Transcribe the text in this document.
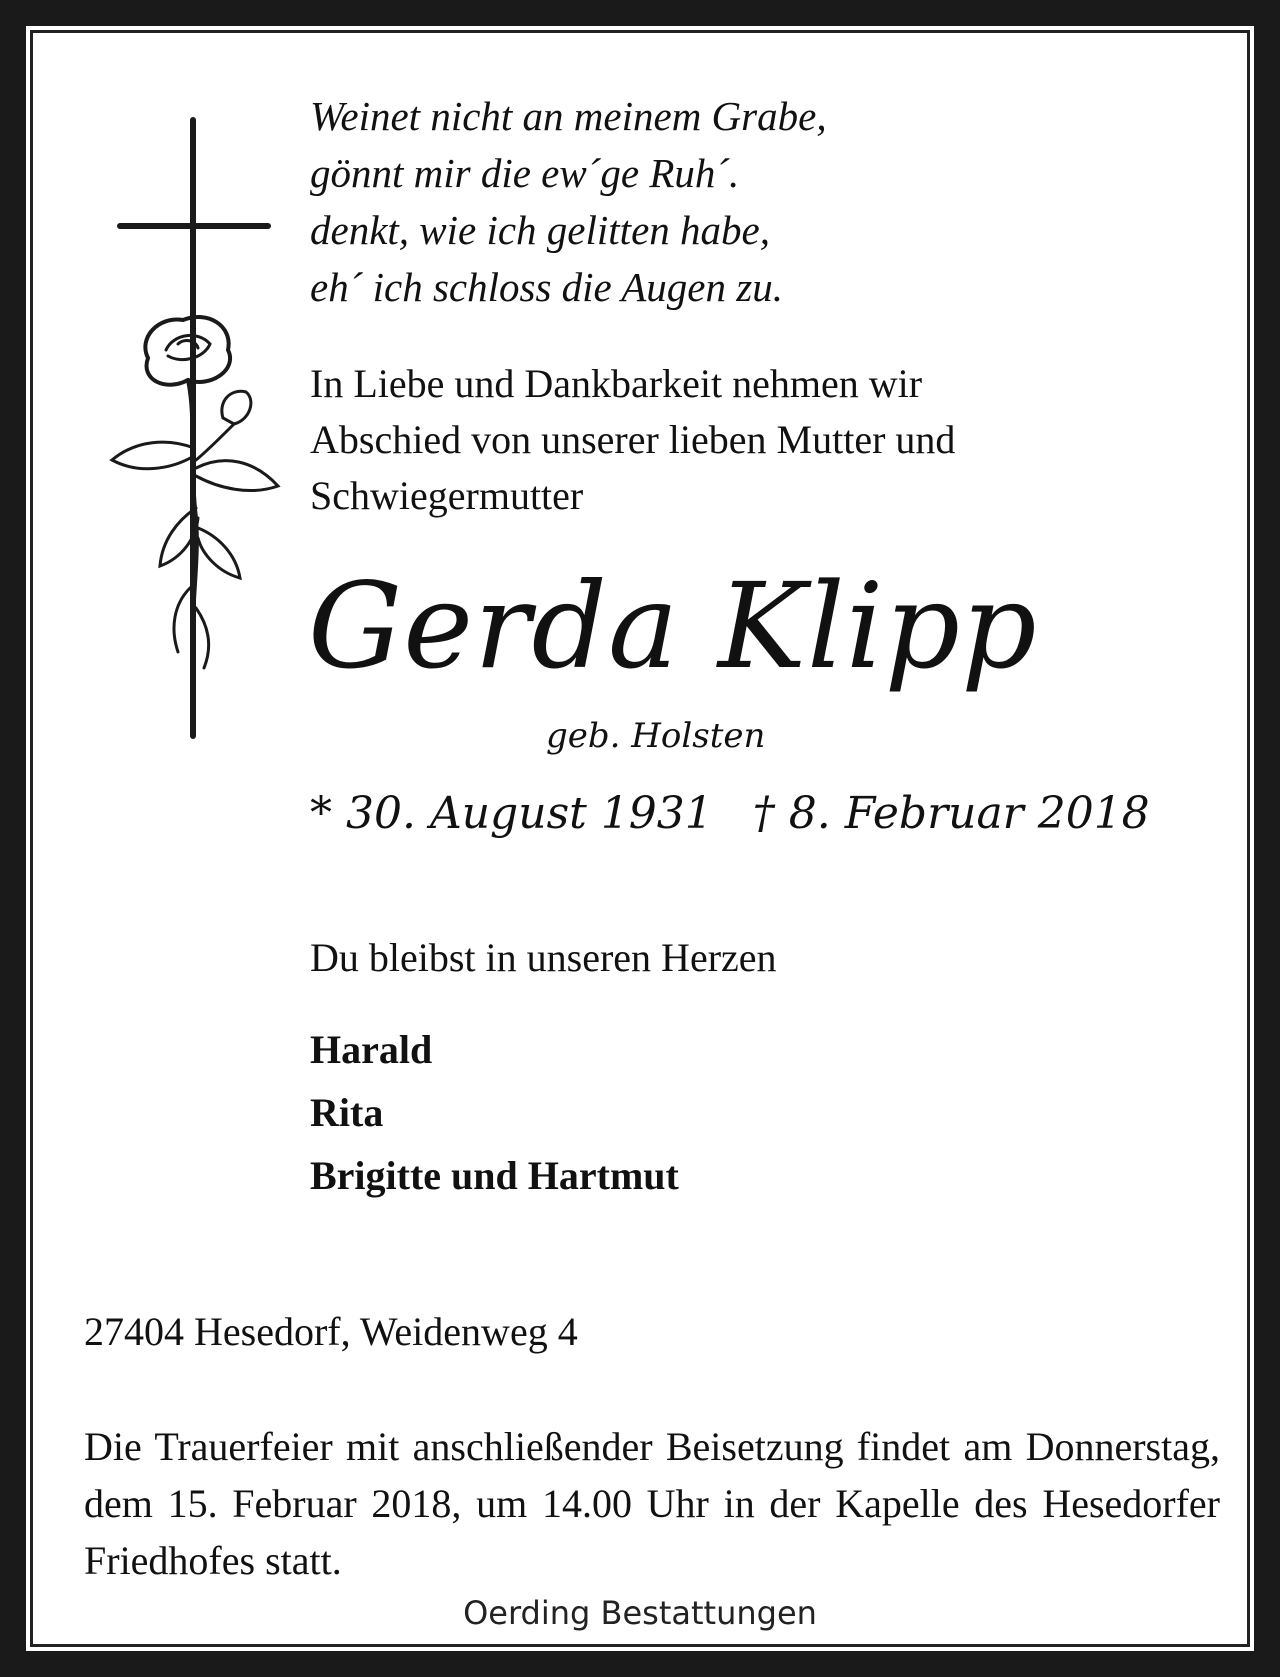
Weinet nicht an meinem Grabe,
gönnt mir die ew´ge Ruh´.
denkt, wie ich gelitten habe,
eh´ ich schloss die Augen zu.
In Liebe und Dankbarkeit nehmen wir
Abschied von unserer lieben Mutter und
Schwiegermutter
Gerda Klipp
geb. Holsten
* 30. August 1931 † 8. Februar 2018
Du bleibst in unseren Herzen
Harald
Rita
Brigitte und Hartmut
27404 Hesedorf, Weidenweg 4
Die Trauerfeier mit anschließender Beisetzung findet am Donnerstag, dem 15. Februar 2018, um 14.00 Uhr in der Kapelle des Hesedorfer Friedhofes statt.
Oerding Bestattungen
